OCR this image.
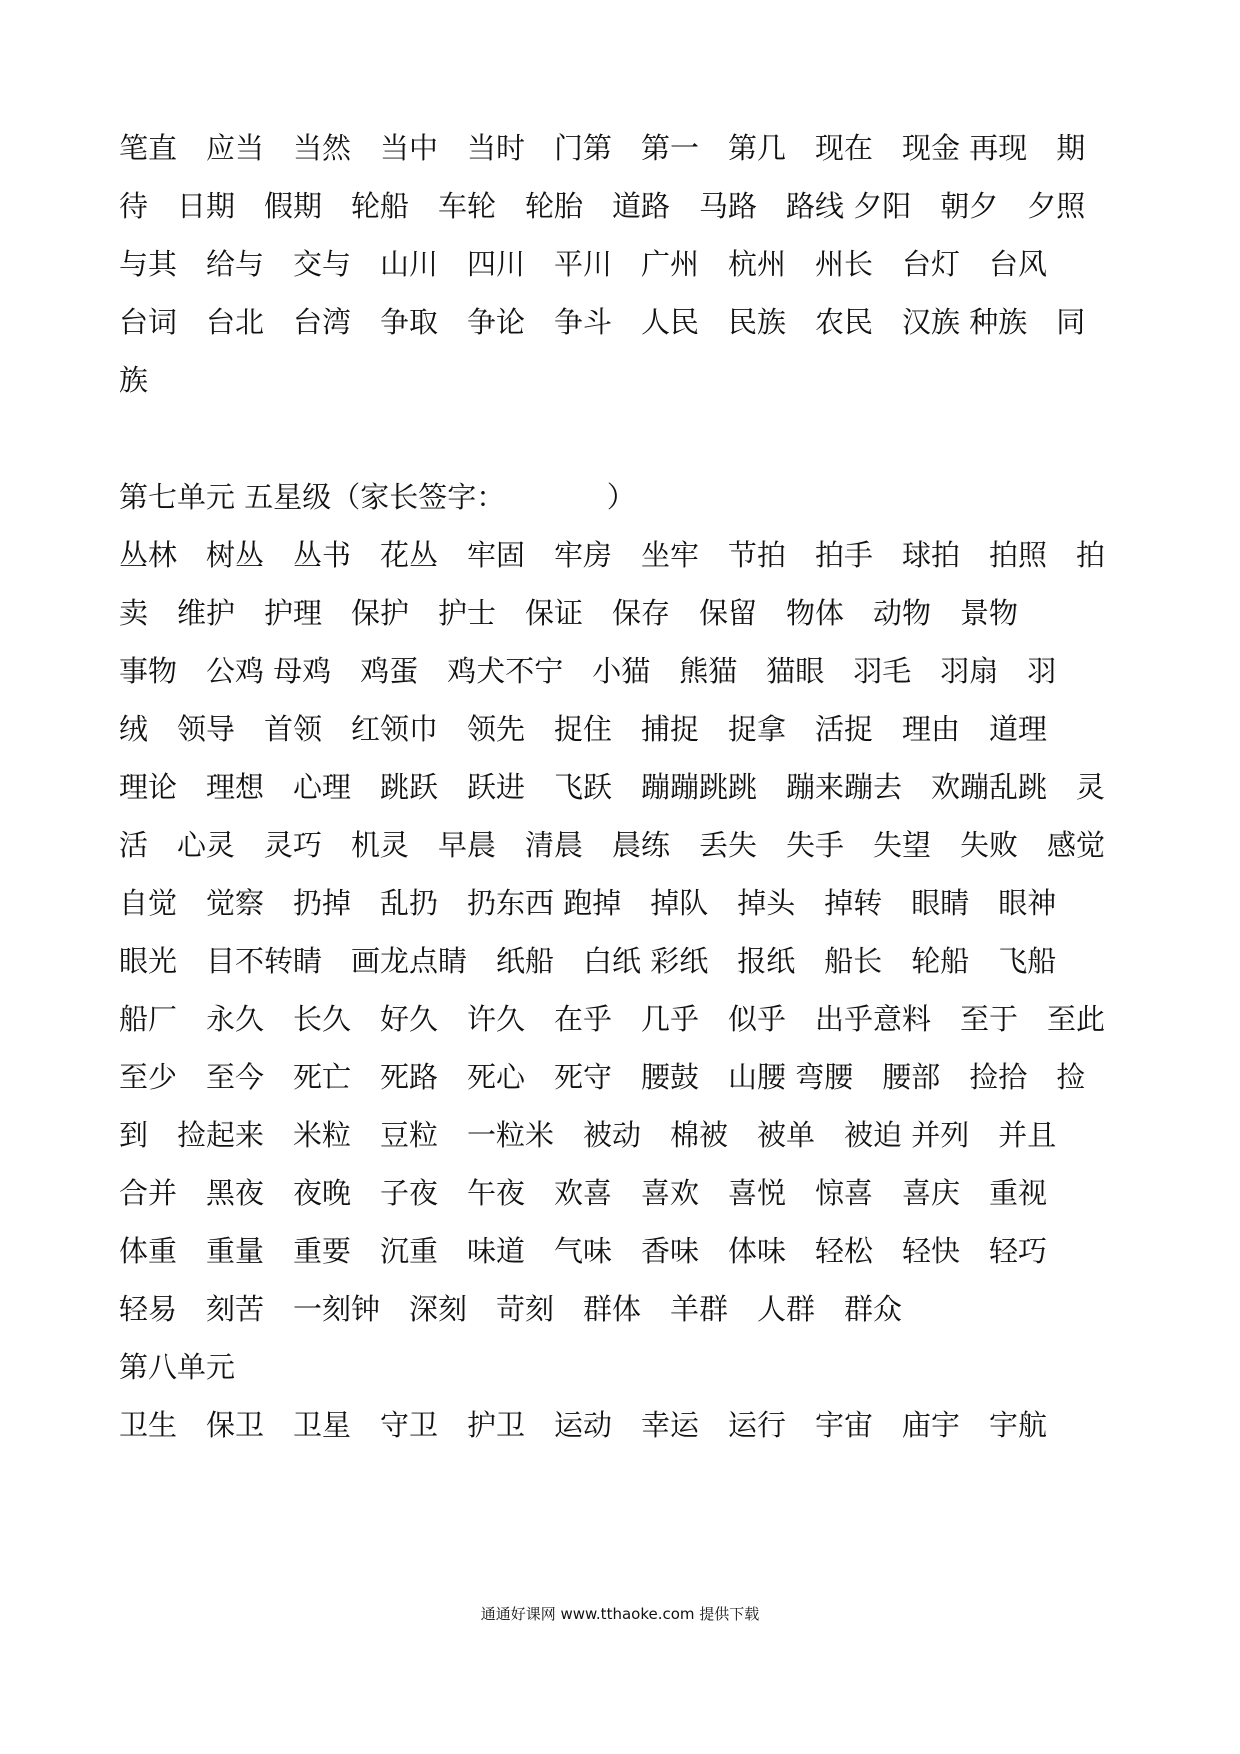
笔直　应当　当然　当中　当时　门第　第一　第几　现在　现金 再现　期
待　日期　假期　轮船　车轮　轮胎　道路　马路　路线 夕阳　朝夕　夕照
与其　给与　交与　山川　四川　平川　广州　杭州　州长　台灯　台风
台词　台北　台湾　争取　争论　争斗　人民　民族　农民　汉族 种族　同
族
第七单元 五星级（家长签字：　　　　）
丛林　树丛　丛书　花丛　牢固　牢房　坐牢　节拍　拍手　球拍　拍照　拍
卖　维护　护理　保护　护士　保证　保存　保留　物体　动物　景物
事物　公鸡 母鸡　鸡蛋　鸡犬不宁　小猫　熊猫　猫眼　羽毛　羽扇　羽
绒　领导　首领　红领巾　领先　捉住　捕捉　捉拿　活捉　理由　道理
理论　理想　心理　跳跃　跃进　飞跃　蹦蹦跳跳　蹦来蹦去　欢蹦乱跳　灵
活　心灵　灵巧　机灵　早晨　清晨　晨练　丢失　失手　失望　失败　感觉
自觉　觉察　扔掉　乱扔　扔东西 跑掉　掉队　掉头　掉转　眼睛　眼神
眼光　目不转睛　画龙点睛　纸船　白纸 彩纸　报纸　船长　轮船　飞船
船厂　永久　长久　好久　许久　在乎　几乎　似乎　出乎意料　至于　至此
至少　至今　死亡　死路　死心　死守　腰鼓　山腰 弯腰　腰部　捡拾　捡
到　捡起来　米粒　豆粒　一粒米　被动　棉被　被单　被迫 并列　并且
合并　黑夜　夜晚　子夜　午夜　欢喜　喜欢　喜悦　惊喜　喜庆　重视
体重　重量　重要　沉重　味道　气味　香味　体味　轻松　轻快　轻巧
轻易　刻苦　一刻钟　深刻　苛刻　群体　羊群　人群　群众
第八单元
卫生　保卫　卫星　守卫　护卫　运动　幸运　运行　宇宙　庙宇　宇航
通通好课网 www.tthaoke.com 提供下载
